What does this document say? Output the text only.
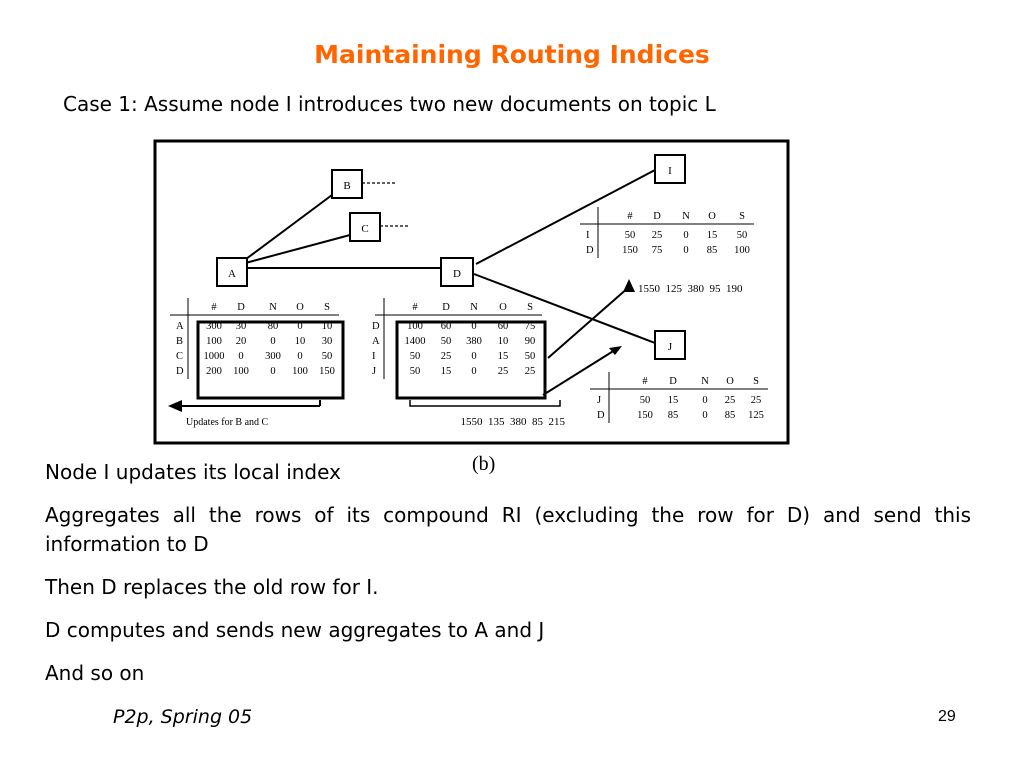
Maintaining Routing Indices
Case 1: Assume node I introduces two new documents on topic L
A
B
C
D
I
J
# D N O S
A 300 30 80 0 10
B 100 20 0 10 30
C 1000 0 300 0 50
D 200 100 0 100 150
# D N O S
D	100 60 0 60 75
A 1400 50 380 10 90
I	50 25 0 15 50
J	50 15 0 25 25
# D N O S
I	50 25 0 15 50
D	150 75 0 85 100
# D N O S
J	50 15 0 25 25
D	150 85 0 85 125
1550  135  380  85  215
1550  125  380  95  190
Updates for B and C
(b)
Node I updates its local index
Aggregates all the rows of its compound RI (excluding the row for D) and send this information to D
Then D replaces the old row for I.
D computes and sends new aggregates to A and J
And so on
P2p, Spring 05	29
